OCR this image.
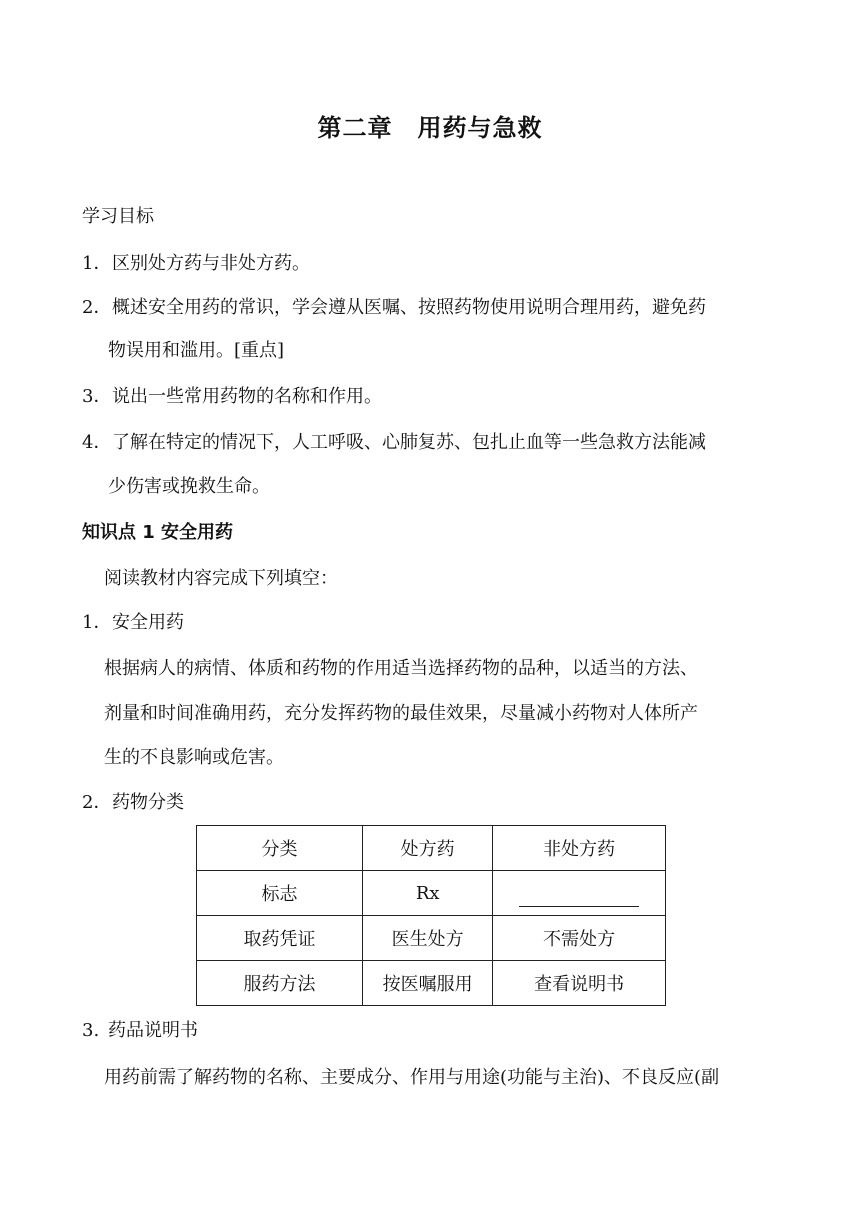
第二章　用药与急救
学习目标
1．区别处方药与非处方药。
2．概述安全用药的常识，学会遵从医嘱、按照药物使用说明合理用药，避免药
物误用和滥用。[重点]
3．说出一些常用药物的名称和作用。
4．了解在特定的情况下，人工呼吸、心肺复苏、包扎止血等一些急救方法能减
少伤害或挽救生命。
知识点 1 安全用药
阅读教材内容完成下列填空：
1．安全用药
根据病人的病情、体质和药物的作用适当选择药物的品种，以适当的方法、
剂量和时间准确用药，充分发挥药物的最佳效果，尽量减小药物对人体所产
生的不良影响或危害。
2．药物分类
分类	处方药	非处方药
标志	Rx	
取药凭证	医生处方	不需处方
服药方法	按医嘱服用	查看说明书
3.药品说明书
用药前需了解药物的名称、主要成分、作用与用途(功能与主治)、不良反应(副
